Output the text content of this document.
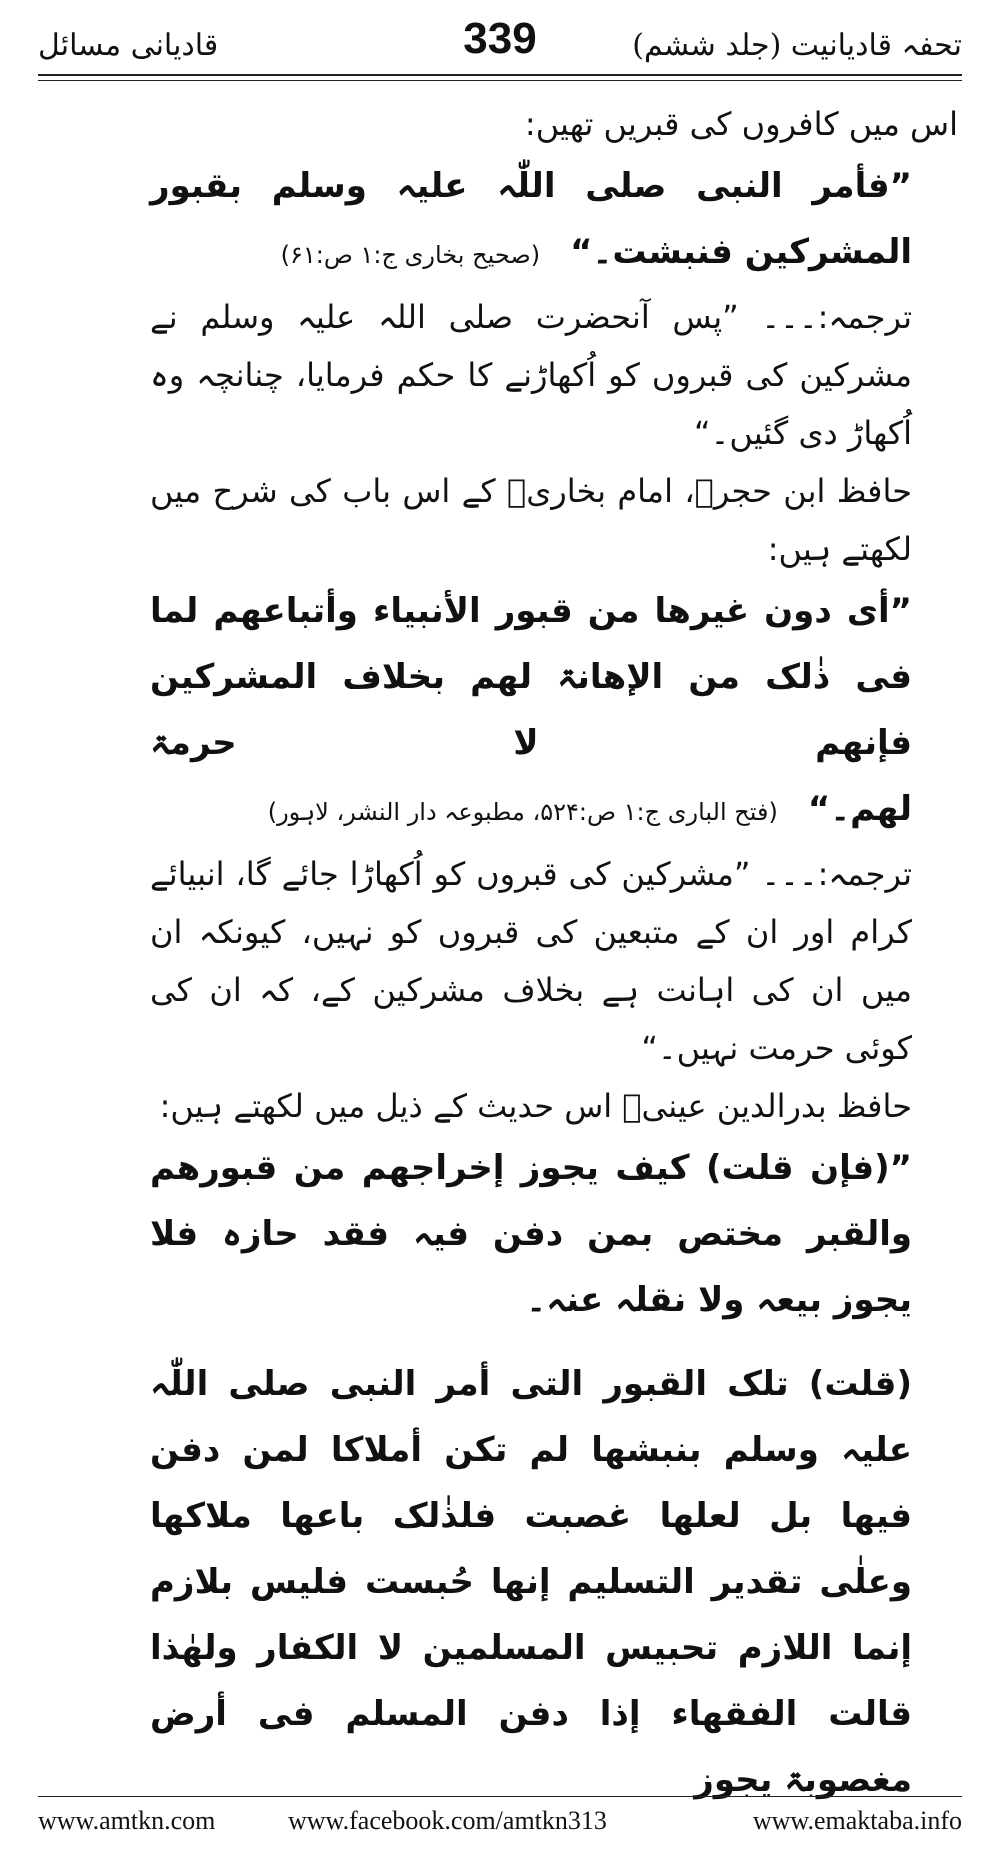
قادیانی مسائل	339	تحفہ قادیانیت (جلد ششم)

اس میں کافروں کی قبریں تھیں:

”فأمر النبی صلی اللّٰہ علیہ وسلم بقبور المشرکین فنبشت۔“(صحیح بخاری ج:۱ ص:۶۱)

ترجمہ:۔۔۔ ”پس آنحضرت صلی اللہ علیہ وسلم نے مشرکین کی قبروں کو اُکھاڑنے کا حکم فرمایا، چنانچہ وہ اُکھاڑ دی گئیں۔“

حافظ ابن حجرؒ، امام بخاریؒ کے اس باب کی شرح میں لکھتے ہیں:

”أی دون غیرھا من قبور الأنبیاء وأتباعھم لما فی ذٰلک من الإھانۃ لھم بخلاف المشرکین فإنھم لا حرمۃ لھم۔“(فتح الباری ج:۱ ص:۵۲۴، مطبوعہ دار النشر، لاہور)

ترجمہ:۔۔۔ ”مشرکین کی قبروں کو اُکھاڑا جائے گا، انبیائے کرام اور ان کے متبعین کی قبروں کو نہیں، کیونکہ ان میں ان کی اہانت ہے بخلاف مشرکین کے، کہ ان کی کوئی حرمت نہیں۔“

حافظ بدرالدین عینیؒ اس حدیث کے ذیل میں لکھتے ہیں:

”(فإن قلت) کیف یجوز إخراجھم من قبورھم والقبر مختص بمن دفن فیہ فقد حازہ فلا یجوز بیعہ ولا نقلہ عنہ۔

(قلت) تلک القبور التی أمر النبی صلی اللّٰہ علیہ وسلم بنبشھا لم تکن أملاکا لمن دفن فیھا بل لعلھا غصبت فلذٰلک باعھا ملاکھا وعلٰی تقدیر التسلیم إنھا حُبست فلیس بلازم إنما اللازم تحبیس المسلمین لا الکفار ولھٰذا قالت الفقھاء إذا دفن المسلم فی أرض مغصوبۃ یجوز

www.amtkn.com	www.facebook.com/amtkn313	www.emaktaba.info
